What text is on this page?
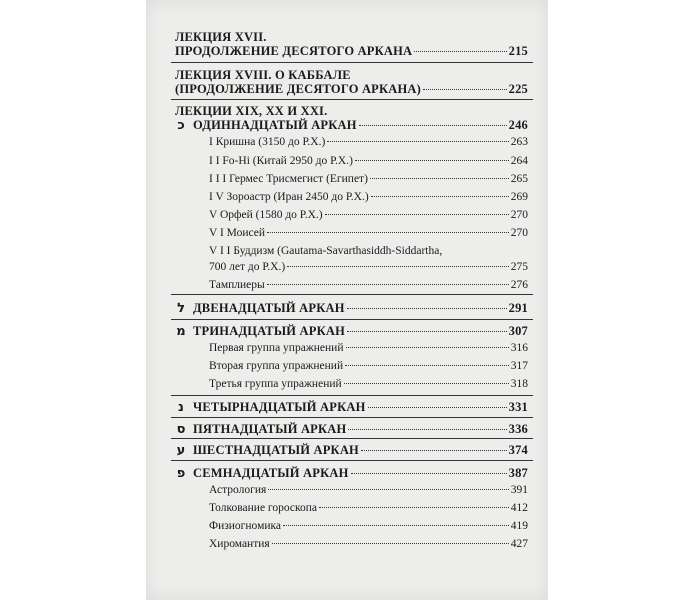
ЛЕКЦИЯ XVII.
ПРОДОЛЖЕНИЕ ДЕСЯТОГО АРКАНА	215
ЛЕКЦИЯ XVIII. О КАББАЛЕ
(ПРОДОЛЖЕНИЕ ДЕСЯТОГО АРКАНА)	225
ЛЕКЦИИ XIX, XX И XXI.
כ ОДИННАДЦАТЫЙ АРКАН	246
I Кришна (3150 до Р.Х.)	263
I I Fo-Hi (Китай 2950 до Р.Х.)	264
I I I Гермес Трисмегист (Египет)	265
I V Зороастр (Иран 2450 до Р.Х.)	269
V Орфей (1580 до Р.Х.)	270
V I Моисей	270
V I I Буддизм (Gautama-Savarthasiddh-Siddartha,
700 лет до Р.Х.)	275
Тамплиеры	276
ל ДВЕНАДЦАТЫЙ АРКАН	291
מ ТРИНАДЦАТЫЙ АРКАН	307
Первая группа упражнений	316
Вторая группа упражнений	317
Третья группа упражнений	318
נ ЧЕТЫРНАДЦАТЫЙ АРКАН	331
ס ПЯТНАДЦАТЫЙ АРКАН	336
ע ШЕСТНАДЦАТЫЙ АРКАН	374
פ СЕМНАДЦАТЫЙ АРКАН	387
Астрология	391
Толкование гороскопа	412
Физиогномика	419
Хиромантия	427
